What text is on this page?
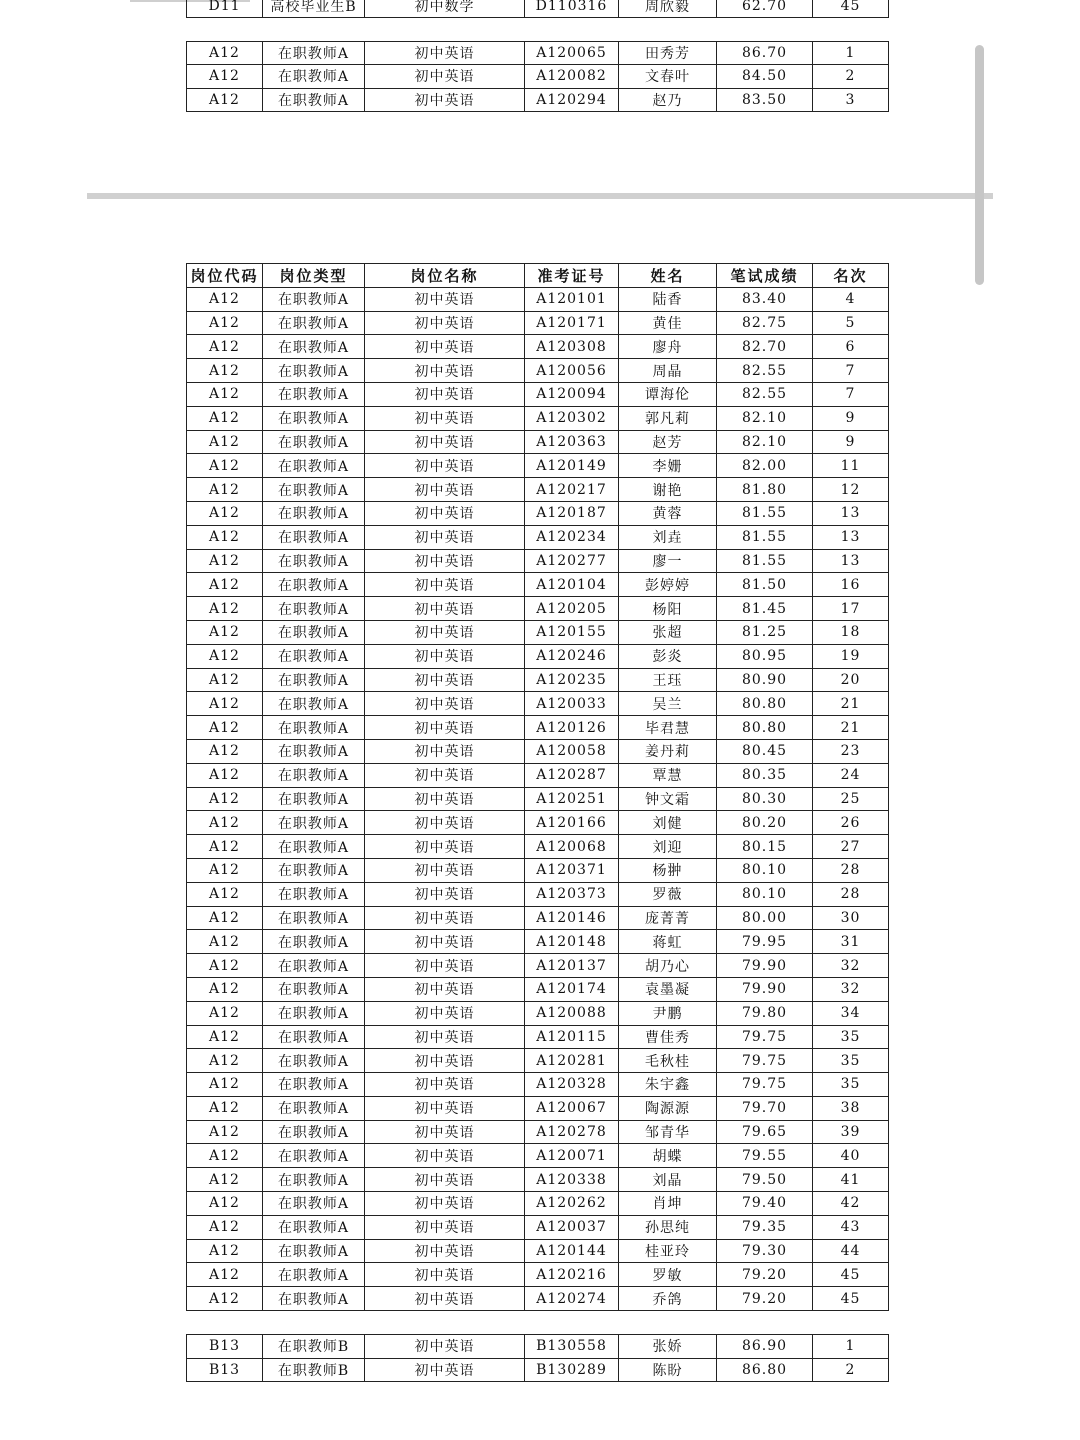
D11	高校毕业生B	初中数学	D110316	周欣毅	62.70	45

A12	在职教师A	初中英语	A120065	田秀芳	86.70	1
A12	在职教师A	初中英语	A120082	文春叶	84.50	2
A12	在职教师A	初中英语	A120294	赵乃	83.50	3
岗位代码	岗位类型	岗位名称	准考证号	姓名	笔试成绩	名次
A12	在职教师A	初中英语	A120101	陆香	83.40	4
A12	在职教师A	初中英语	A120171	黄佳	82.75	5
A12	在职教师A	初中英语	A120308	廖舟	82.70	6
A12	在职教师A	初中英语	A120056	周晶	82.55	7
A12	在职教师A	初中英语	A120094	谭海伦	82.55	7
A12	在职教师A	初中英语	A120302	郭凡莉	82.10	9
A12	在职教师A	初中英语	A120363	赵芳	82.10	9
A12	在职教师A	初中英语	A120149	李姗	82.00	11
A12	在职教师A	初中英语	A120217	谢艳	81.80	12
A12	在职教师A	初中英语	A120187	黄蓉	81.55	13
A12	在职教师A	初中英语	A120234	刘垚	81.55	13
A12	在职教师A	初中英语	A120277	廖一	81.55	13
A12	在职教师A	初中英语	A120104	彭婷婷	81.50	16
A12	在职教师A	初中英语	A120205	杨阳	81.45	17
A12	在职教师A	初中英语	A120155	张超	81.25	18
A12	在职教师A	初中英语	A120246	彭炎	80.95	19
A12	在职教师A	初中英语	A120235	王珏	80.90	20
A12	在职教师A	初中英语	A120033	吴兰	80.80	21
A12	在职教师A	初中英语	A120126	毕君慧	80.80	21
A12	在职教师A	初中英语	A120058	姜丹莉	80.45	23
A12	在职教师A	初中英语	A120287	覃慧	80.35	24
A12	在职教师A	初中英语	A120251	钟文霜	80.30	25
A12	在职教师A	初中英语	A120166	刘健	80.20	26
A12	在职教师A	初中英语	A120068	刘迎	80.15	27
A12	在职教师A	初中英语	A120371	杨翀	80.10	28
A12	在职教师A	初中英语	A120373	罗薇	80.10	28
A12	在职教师A	初中英语	A120146	庞菁菁	80.00	30
A12	在职教师A	初中英语	A120148	蒋虹	79.95	31
A12	在职教师A	初中英语	A120137	胡乃心	79.90	32
A12	在职教师A	初中英语	A120174	袁墨凝	79.90	32
A12	在职教师A	初中英语	A120088	尹鹏	79.80	34
A12	在职教师A	初中英语	A120115	曹佳秀	79.75	35
A12	在职教师A	初中英语	A120281	毛秋桂	79.75	35
A12	在职教师A	初中英语	A120328	朱宇鑫	79.75	35
A12	在职教师A	初中英语	A120067	陶源源	79.70	38
A12	在职教师A	初中英语	A120278	邹青华	79.65	39
A12	在职教师A	初中英语	A120071	胡蝶	79.55	40
A12	在职教师A	初中英语	A120338	刘晶	79.50	41
A12	在职教师A	初中英语	A120262	肖坤	79.40	42
A12	在职教师A	初中英语	A120037	孙思纯	79.35	43
A12	在职教师A	初中英语	A120144	桂亚玲	79.30	44
A12	在职教师A	初中英语	A120216	罗敏	79.20	45
A12	在职教师A	初中英语	A120274	乔鸽	79.20	45

B13	在职教师B	初中英语	B130558	张娇	86.90	1
B13	在职教师B	初中英语	B130289	陈盼	86.80	2
